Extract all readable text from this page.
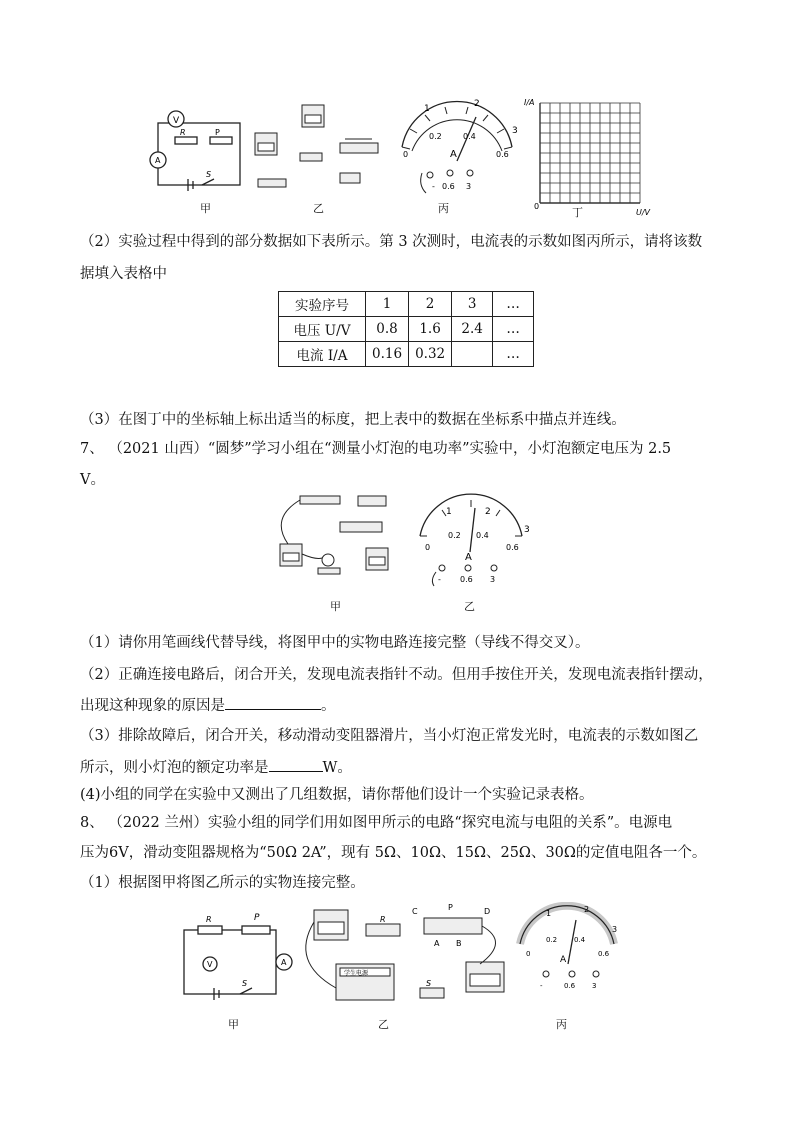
V
R	P
A
S
1	2
3
0
0.2	0.4
0.6
A
- 0.6 3
I/A
U/V
0
甲	乙	丙	丁
（2）实验过程中得到的部分数据如下表所示。第 3 次测时，电流表的示数如图丙所示，请将该数
据填入表格中
实验序号	1	2	3	…
电压 U/V	0.8	1.6	2.4	…
电流 I/A	0.16	0.32		…
（3）在图丁中的坐标轴上标出适当的标度，把上表中的数据在坐标系中描点并连线。
7、 （2021 山西）“圆梦”学习小组在“测量小灯泡的电功率”实验中，小灯泡额定电压为 2.5
V。
1	2
3
0
0.2 0.4
0.6
A
- 0.6 3
甲	乙
（1）请你用笔画线代替导线，将图甲中的实物电路连接完整（导线不得交叉）。
（2）正确连接电路后，闭合开关，发现电流表指针不动。但用手按住开关，发现电流表指针摆动，
出现这种现象的原因是	。
（3）排除故障后，闭合开关，移动滑动变阻器滑片，当小灯泡正常发光时，电流表的示数如图乙
所示，则小灯泡的额定功率是	W。
(4)小组的同学在实验中又测出了几组数据，请你帮他们设计一个实验记录表格。
8、 （2022 兰州）实验小组的同学们用如图甲所示的电路“探究电流与电阻的关系”。电源电
压为6V，滑动变阻器规格为“50Ω 2A”，现有 5Ω、10Ω、15Ω、25Ω、30Ω的定值电阻各一个。
（1）根据图甲将图乙所示的实物连接完整。
P
R
V	A
S
R
C	P	D
A B
S
学生电源
1	2
3
0
0.2 0.4
0.6
A
-	0.6 3
甲	乙	丙
